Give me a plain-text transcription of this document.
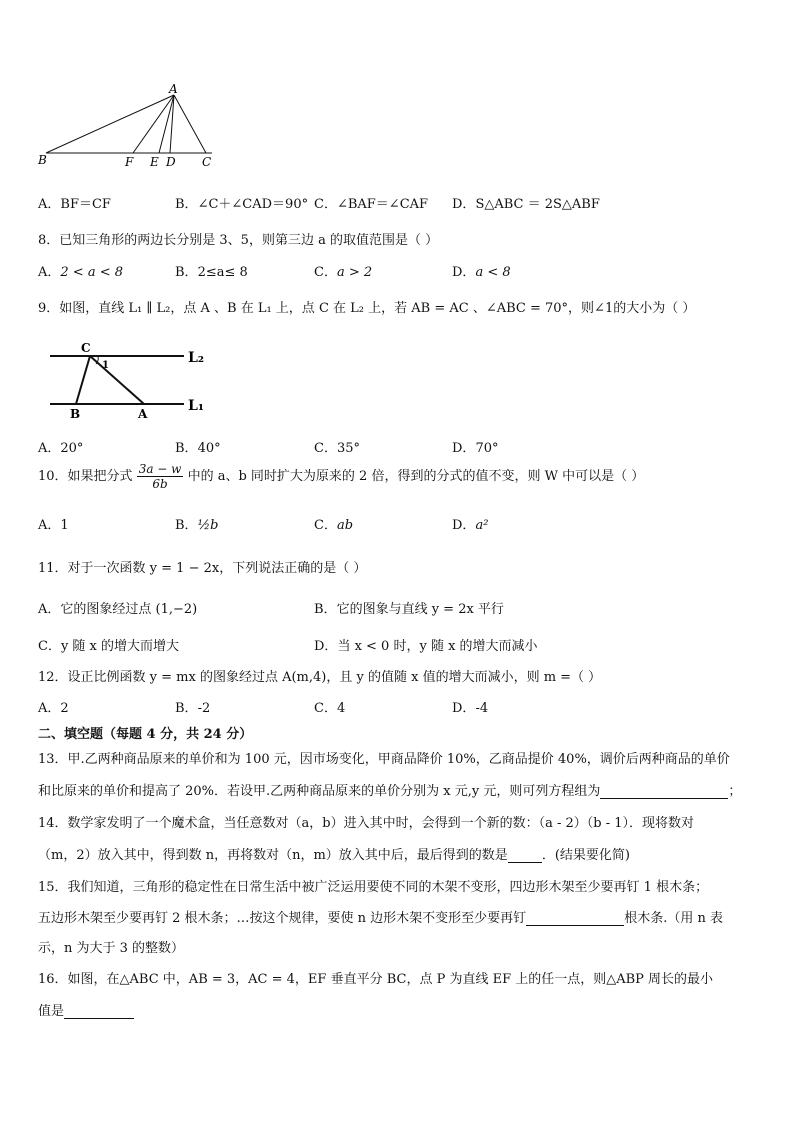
A
B	F E D C
A．BF＝CF	B．∠C＋∠CAD＝90° C．∠BAF＝∠CAF D．S△ABC ＝ 2S△ABF
8．已知三角形的两边长分别是 3、5，则第三边 a 的取值范围是（ ）
A．2 < a < 8	B．2≤a≤ 8	C．a > 2	D．a < 8
9．如图，直线 L₁ ∥ L₂，点 A 、B 在 L₁ 上，点 C 在 L₂ 上，若 AB = AC 、∠ABC = 70°，则∠1的大小为（ ）
C
1	L₂
B	A	L₁
A．20°	B．40°	C．35°	D．70°
10．如果把分式 $\frac{3a - w}{6b}$ 中的 a、b 同时扩大为原来的 2 倍，得到的分式的值不变，则 W 中可以是（ ）
A．1	B．½b	C．ab	D．a²
11．对于一次函数 y = 1 − 2x，下列说法正确的是（ ）
A．它的图象经过点 (1,−2)	B．它的图象与直线 y = 2x 平行
C．y 随 x 的增大而增大	D．当 x < 0 时，y 随 x 的增大而减小
12．设正比例函数 y = mx 的图象经过点 A(m,4)，且 y 的值随 x 值的增大而减小，则 m =（ ）
A．2	B．-2	C．4	D．-4
二、填空题（每题 4 分，共 24 分）
13．甲.乙两种商品原来的单价和为 100 元，因市场变化，甲商品降价 10%，乙商品提价 40%，调价后两种商品的单价
和比原来的单价和提高了 20%．若设甲.乙两种商品原来的单价分别为 x 元,y 元，则可列方程组为	；
14．数学家发明了一个魔术盒，当任意数对（a，b）进入其中时，会得到一个新的数：（a - 2）（b - 1）．现将数对
（m，2）放入其中，得到数 n，再将数对（n，m）放入其中后，最后得到的数是	．(结果要化简)
15．我们知道，三角形的稳定性在日常生活中被广泛运用要使不同的木架不变形，四边形木架至少要再钉 1 根木条；
五边形木架至少要再钉 2 根木条；…按这个规律，要使 n 边形木架不变形至少要再钉	根木条.（用 n 表
示，n 为大于 3 的整数）
16．如图，在△ABC 中，AB = 3，AC = 4，EF 垂直平分 BC，点 P 为直线 EF 上的任一点，则△ABP 周长的最小
值是
